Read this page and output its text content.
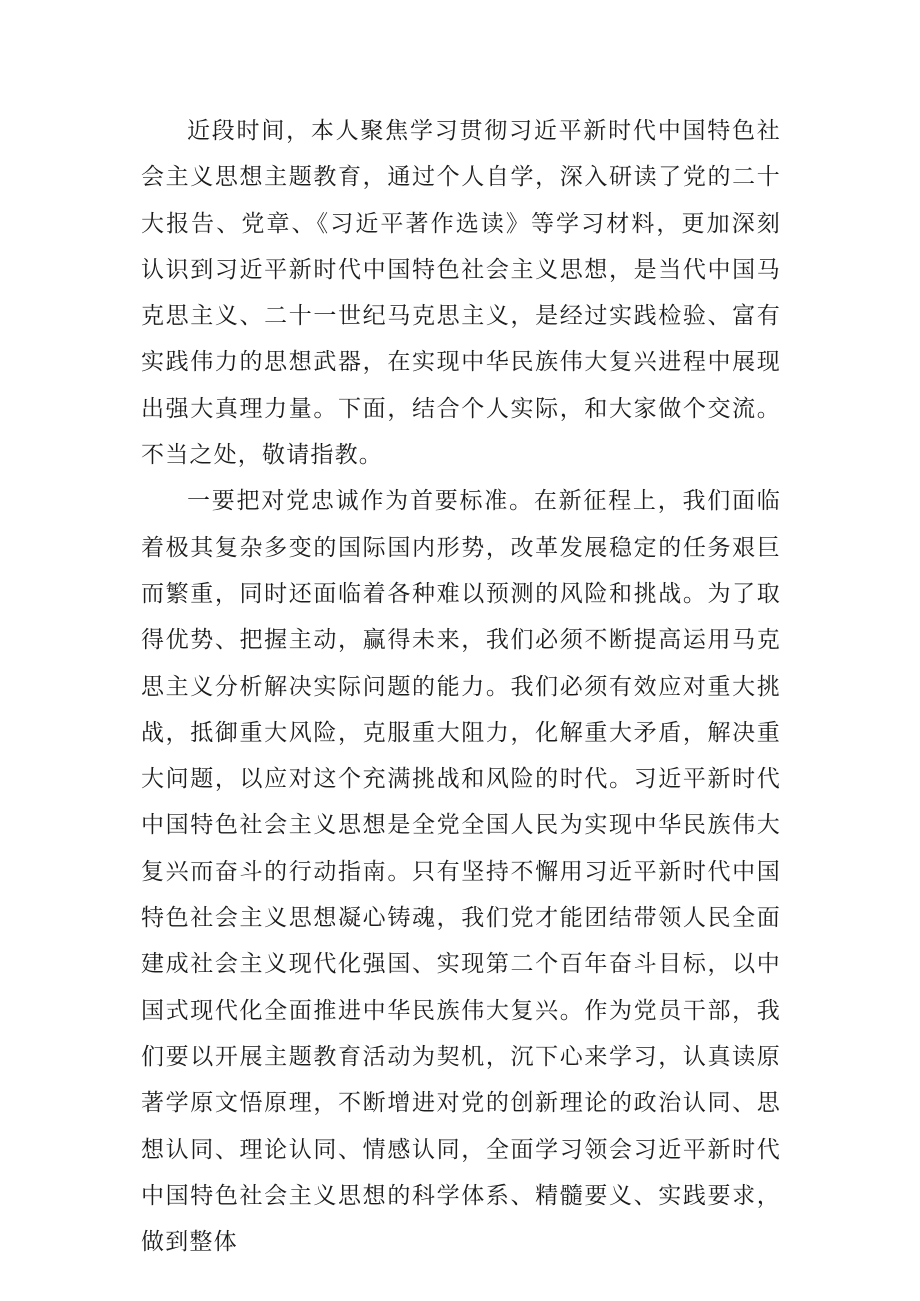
近段时间，本人聚焦学习贯彻习近平新时代中国特色社会主义思想主题教育，通过个人自学，深入研读了党的二十大报告、党章、《习近平著作选读》等学习材料，更加深刻认识到习近平新时代中国特色社会主义思想，是当代中国马克思主义、二十一世纪马克思主义，是经过实践检验、富有实践伟力的思想武器，在实现中华民族伟大复兴进程中展现出强大真理力量。下面，结合个人实际，和大家做个交流。不当之处，敬请指教。

一要把对党忠诚作为首要标准。在新征程上，我们面临着极其复杂多变的国际国内形势，改革发展稳定的任务艰巨而繁重，同时还面临着各种难以预测的风险和挑战。为了取得优势、把握主动，赢得未来，我们必须不断提高运用马克思主义分析解决实际问题的能力。我们必须有效应对重大挑战，抵御重大风险，克服重大阻力，化解重大矛盾，解决重大问题，以应对这个充满挑战和风险的时代。习近平新时代中国特色社会主义思想是全党全国人民为实现中华民族伟大复兴而奋斗的行动指南。只有坚持不懈用习近平新时代中国特色社会主义思想凝心铸魂，我们党才能团结带领人民全面建成社会主义现代化强国、实现第二个百年奋斗目标，以中国式现代化全面推进中华民族伟大复兴。作为党员干部，我们要以开展主题教育活动为契机，沉下心来学习，认真读原著学原文悟原理，不断增进对党的创新理论的政治认同、思想认同、理论认同、情感认同，全面学习领会习近平新时代中国特色社会主义思想的科学体系、精髓要义、实践要求，做到整体
